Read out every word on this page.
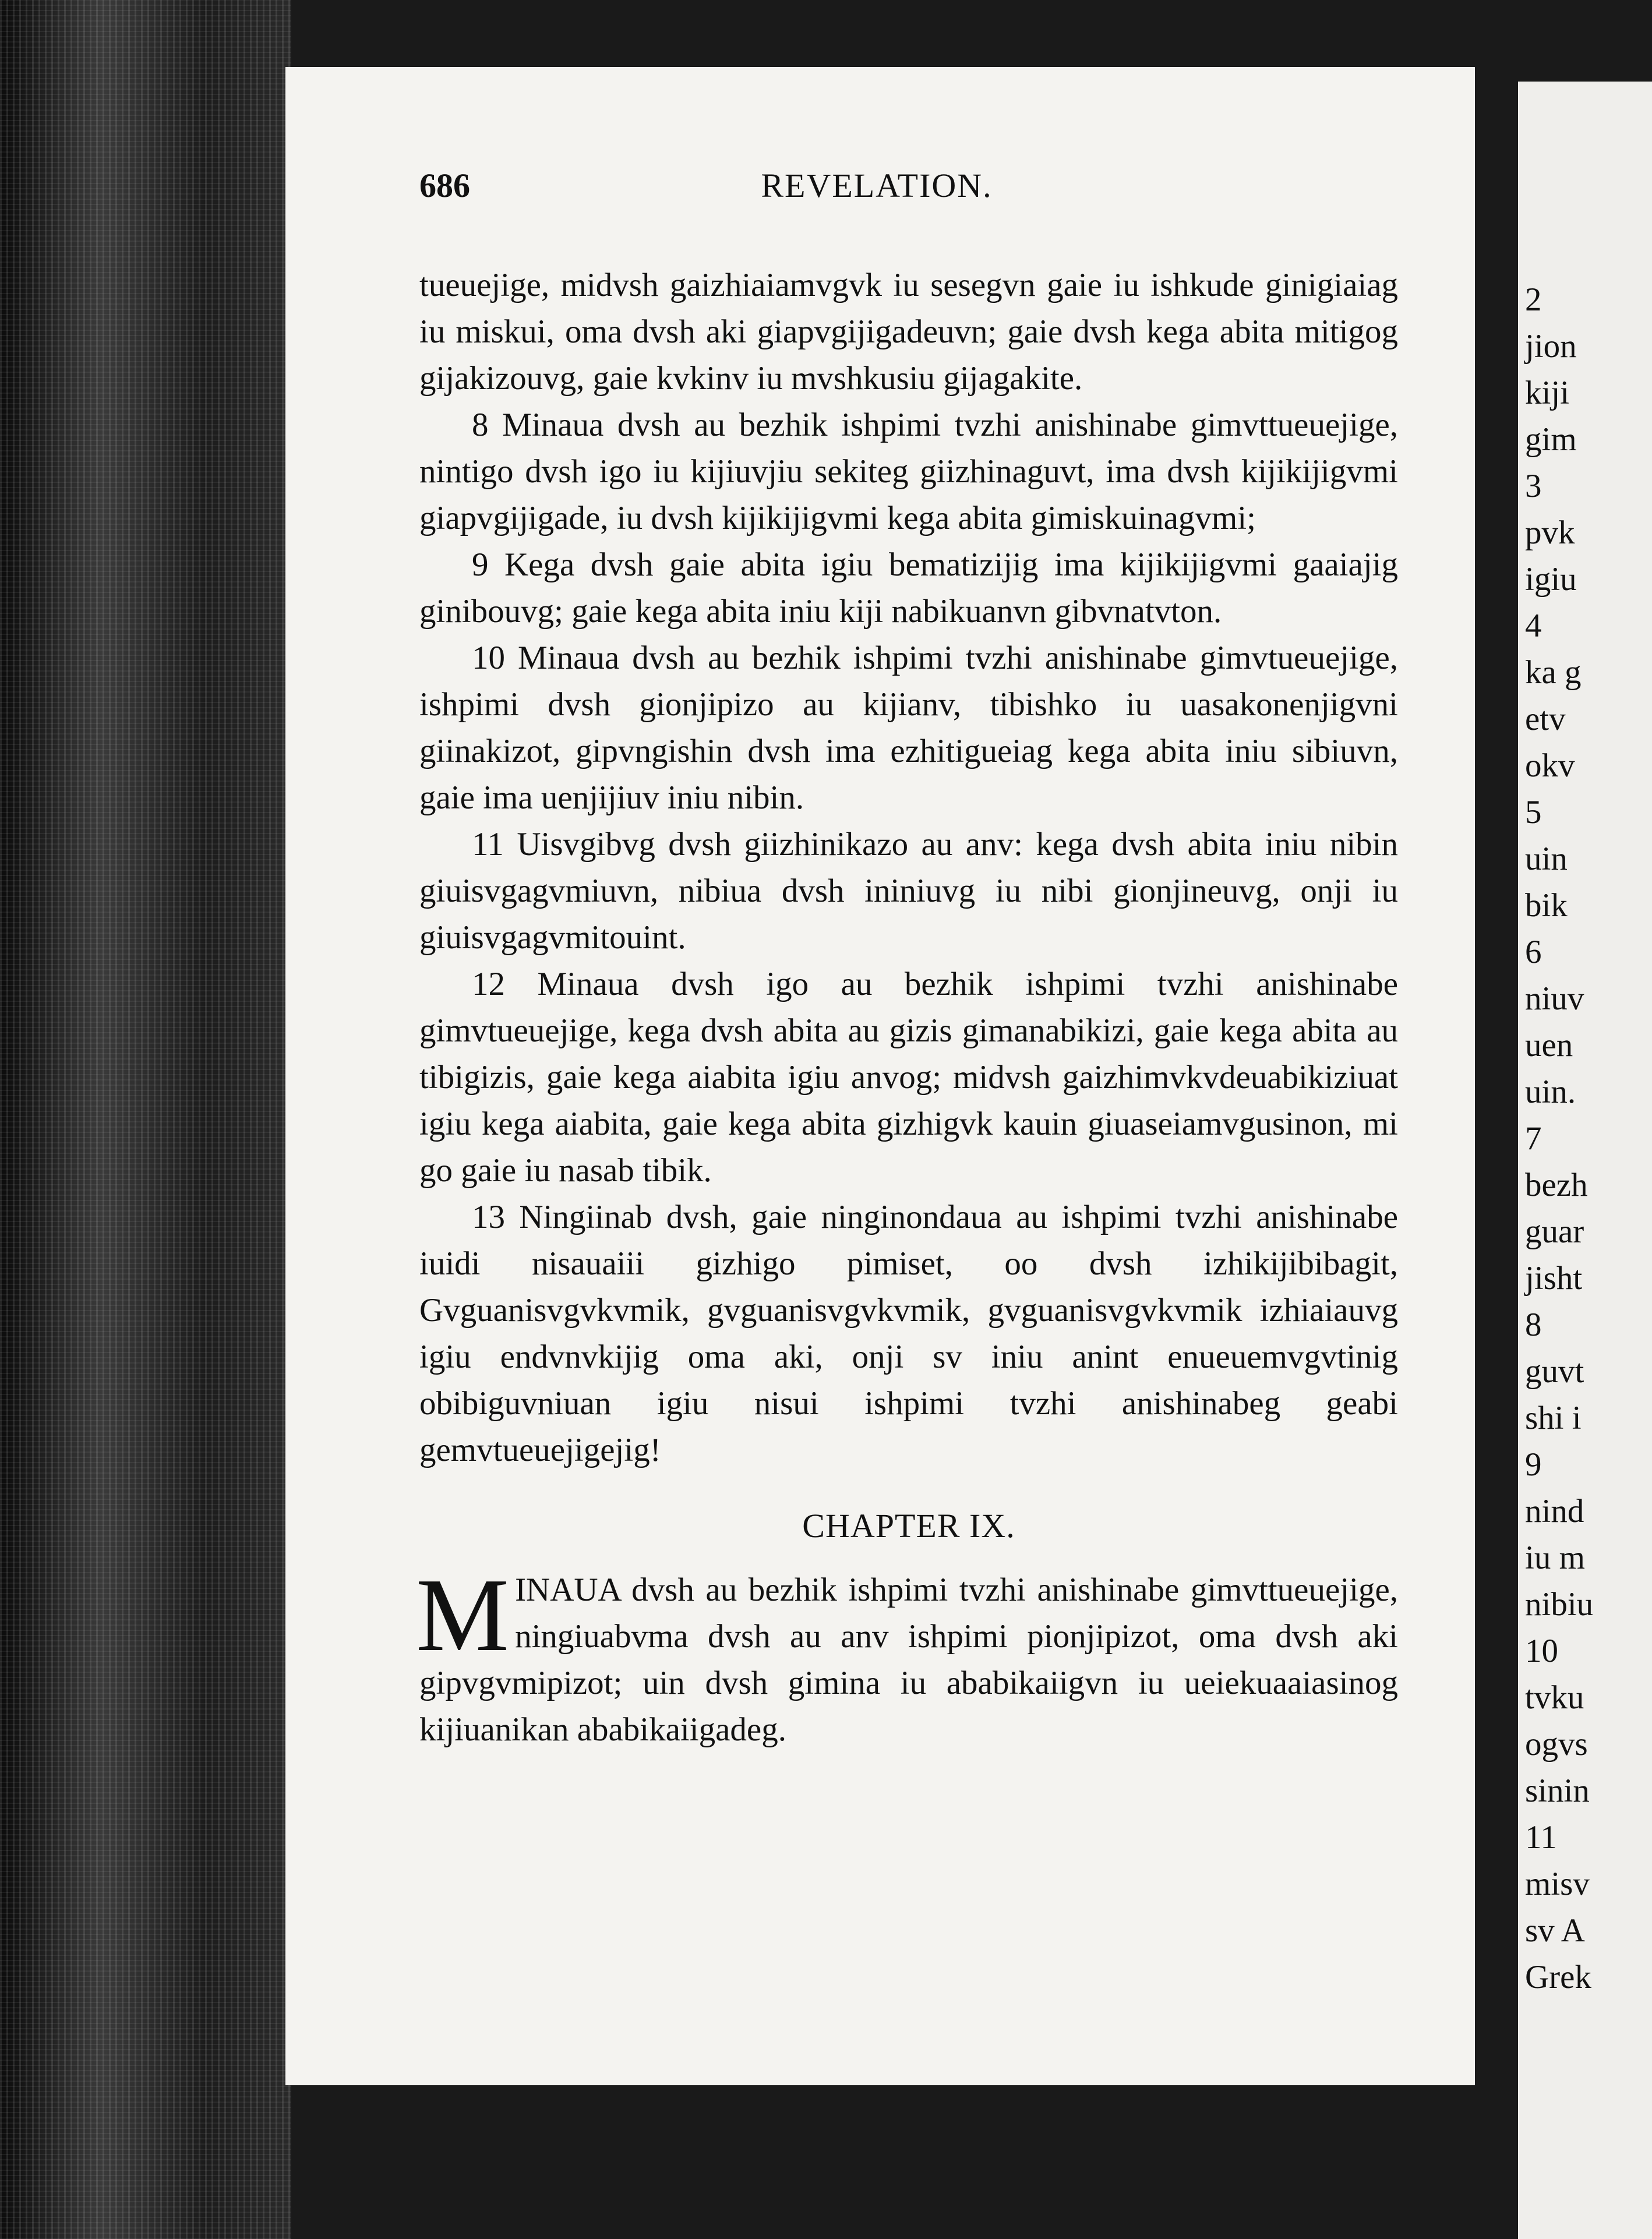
686	REVELATION.

tueuejige, midvsh gaizhiaiamvgvk iu sesegvn gaie iu ishkude ginigiaiag iu miskui, oma dvsh aki giapvgijigadeuvn; gaie dvsh kega abita mitigog gijakizouvg, gaie kvkinv iu mvshkusiu gijagakite.

8 Minaua dvsh au bezhik ishpimi tvzhi anishinabe gimvttueuejige, nintigo dvsh igo iu kijiuvjiu sekiteg giizhinaguvt, ima dvsh kijikijigvmi giapvgijigade, iu dvsh kijikijigvmi kega abita gimiskuinagvmi;

9 Kega dvsh gaie abita igiu bematizijig ima kijikijigvmi gaaiajig ginibouvg; gaie kega abita iniu kiji nabikuanvn gibvnatvton.

10 Minaua dvsh au bezhik ishpimi tvzhi anishinabe gimvtueuejige, ishpimi dvsh gionjipizo au kijianv, tibishko iu uasakonenjigvni giinakizot, gipvngishin dvsh ima ezhitigueiag kega abita iniu sibiuvn, gaie ima uenjijiuv iniu nibin.

11 Uisvgibvg dvsh giizhinikazo au anv: kega dvsh abita iniu nibin giuisvgagvmiuvn, nibiua dvsh ininiuvg iu nibi gionjineuvg, onji iu giuisvgagvmitouint.

12 Minaua dvsh igo au bezhik ishpimi tvzhi anishinabe gimvtueuejige, kega dvsh abita au gizis gimanabikizi, gaie kega abita au tibigizis, gaie kega aiabita igiu anvog; midvsh gaizhimvkvdeuabikiziuat igiu kega aiabita, gaie kega abita gizhigvk kauin giuaseiamvgusinon, mi go gaie iu nasab tibik.

13 Ningiinab dvsh, gaie ninginondaua au ishpimi tvzhi anishinabe iuidi nisauaiii gizhigo pimiset, oo dvsh izhikijibibagit, Gvguanisvgvkvmik, gvguanisvgvkvmik, gvguanisvgvkvmik izhiaiauvg igiu endvnvkijig oma aki, onji sv iniu anint enueuemvgvtinig obibiguvniuan igiu nisui ishpimi tvzhi anishinabeg geabi gemvtueuejigejig!

CHAPTER IX.

MINAUA dvsh au bezhik ishpimi tvzhi anishinabe gimvttueuejige, ningiuabvma dvsh au anv ishpimi pionjipizot, oma dvsh aki gipvgvmipizot; uin dvsh gimina iu ababikaiigvn iu ueiekuaaiasinog kijiuanikan ababikaiigadeg.

2
jion
kiji
gim
3
pvk
igiu
4
ka g
etv
okv
5
uin
bik
6
niuv
uen
uin.
7
bezh
guar
jisht
8
guvt
shi i
9
nind
iu m
nibiu
10
tvku
ogvs
sinin
11
misv
sv A
Grek
